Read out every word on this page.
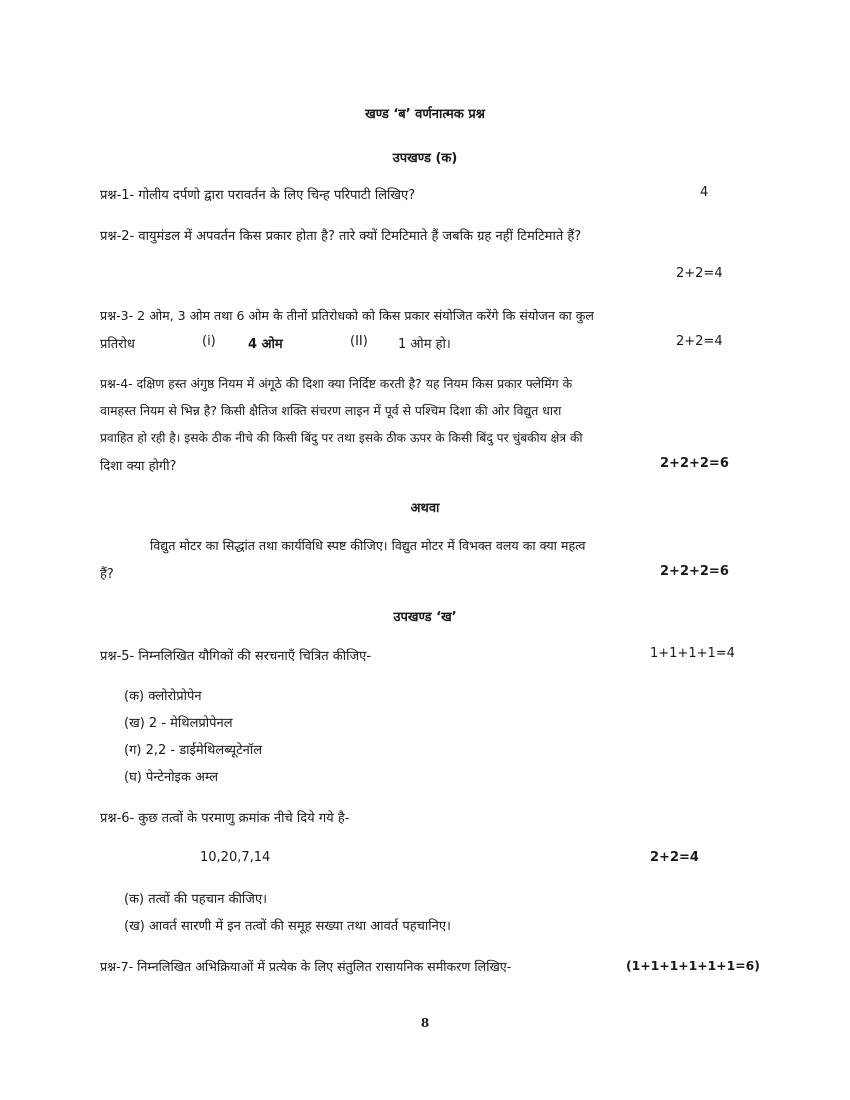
खण्ड ‘ब’ वर्णनात्मक प्रश्न
उपखण्ड (क)
प्रश्न-1- गोलीय दर्पणो द्वारा परावर्तन के लिए चिन्ह परिपाटी लिखिए?	4
प्रश्न-2- वायुमंडल में अपवर्तन किस प्रकार होता है? तारे क्यों टिमटिमाते हैं जबकि ग्रह नहीं टिमटिमाते हैं?
2+2=4
प्रश्न-3- 2 ओम, 3 ओम तथा 6 ओम के तीनों प्रतिरोधको को किस प्रकार संयोजित करेंगे कि संयोजन का कुल
प्रतिरोध	(i) 4 ओम	(II) 1 ओम हो।	2+2=4
प्रश्न-4- दक्षिण हस्त अंगुष्ठ नियम में अंगूठे की दिशा क्या निर्दिष्ट करती है? यह नियम किस प्रकार फ्लेमिंग के
वामहस्त नियम से भिन्न है? किसी क्षैतिज शक्ति संचरण लाइन में पूर्व से पश्चिम दिशा की ओर विद्युत धारा
प्रवाहित हो रही है। इसके ठीक नीचे की किसी बिंदु पर तथा इसके ठीक ऊपर के किसी बिंदु पर चुंबकीय क्षेत्र की
दिशा क्या होगी?	2+2+2=6
अथवा
विद्युत मोटर का सिद्धांत तथा कार्यविधि स्पष्ट कीजिए। विद्युत मोटर में विभक्त वलय का क्या महत्व
हैं?	2+2+2=6
उपखण्ड ‘ख’
प्रश्न-5- निम्नलिखित यौगिकों की सरचनाएँ चित्रित कीजिए-	1+1+1+1=4
(क) क्लोरोप्रोपेन
(ख) 2 - मेथिलप्रोपेनल
(ग) 2,2 - डाईमेथिलब्यूटेनॉल
(घ) पेन्टेनोइक अम्ल
प्रश्न-6- कुछ तत्वों के परमाणु क्रमांक नीचे दिये गये है-
10,20,7,14	2+2=4
(क) तत्वों की पहचान कीजिए।
(ख) आवर्त सारणी में इन तत्वों की समूह सख्या तथा आवर्त पहचानिए।
प्रश्न-7- निम्नलिखित अभिक्रियाओं में प्रत्येक के लिए संतुलित रासायनिक समीकरण लिखिए-	(1+1+1+1+1+1=6)
8
